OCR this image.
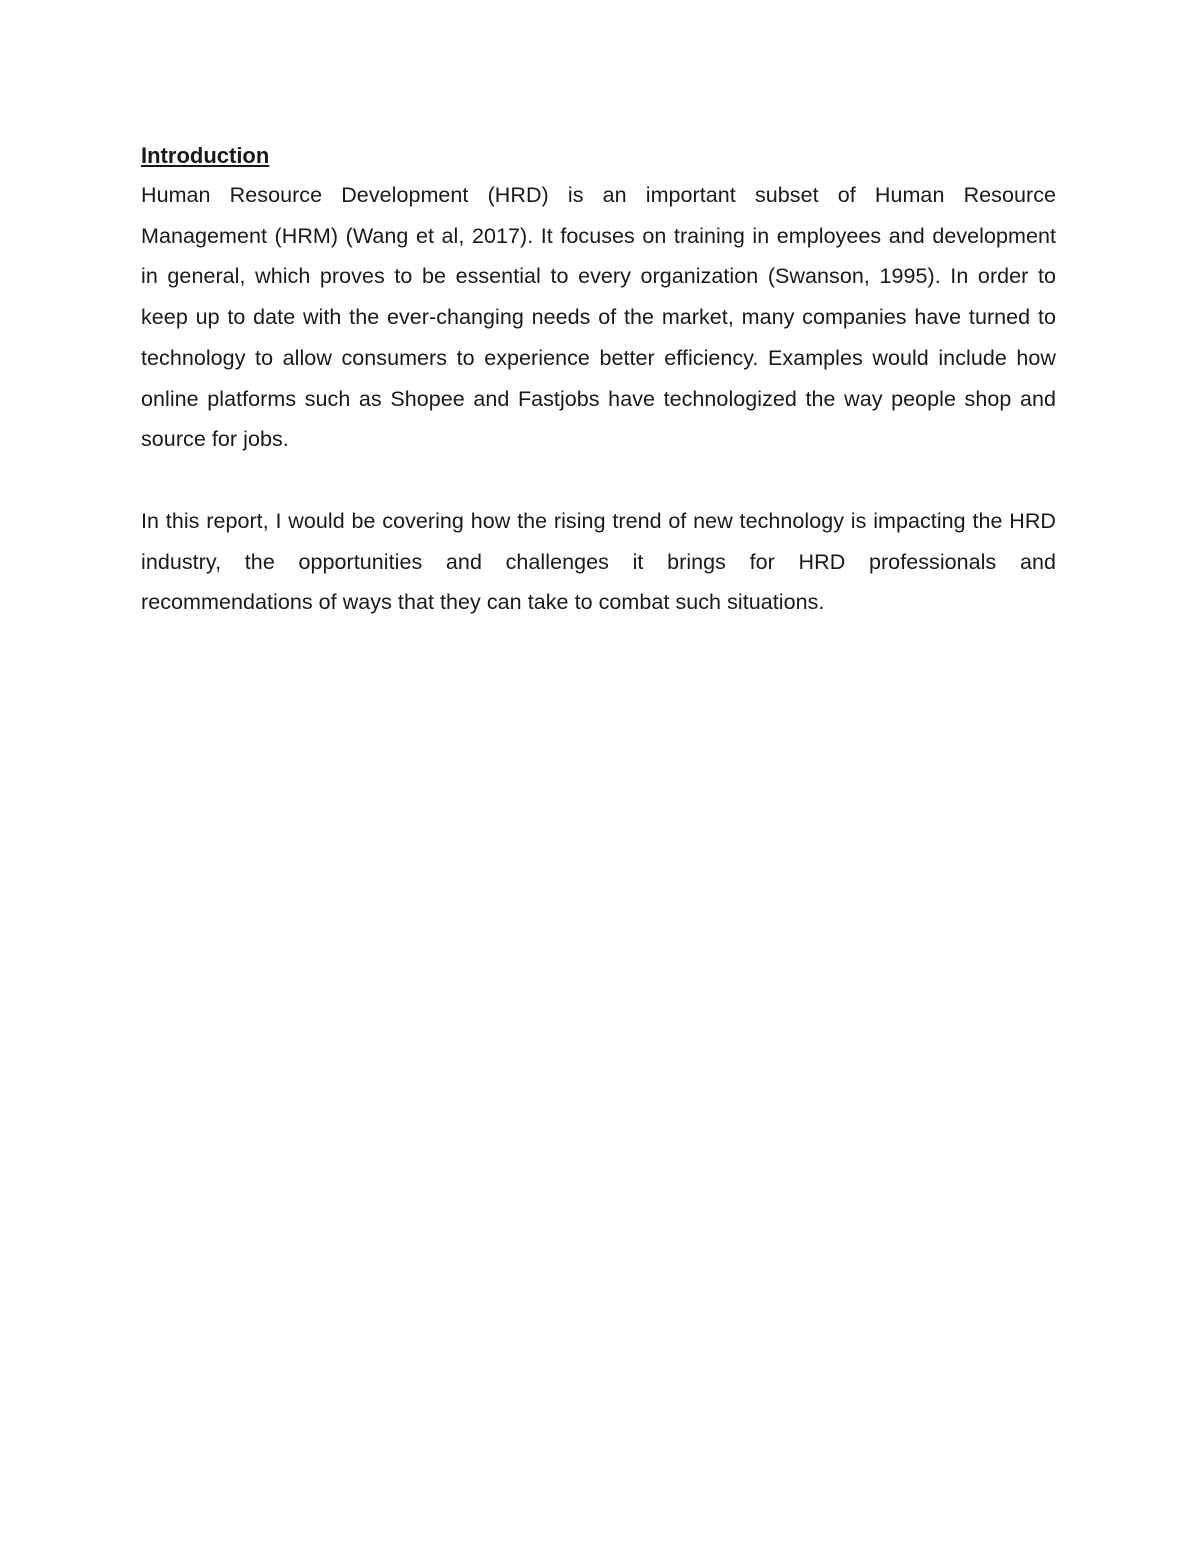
Introduction

Human Resource Development (HRD) is an important subset of Human Resource Management (HRM) (Wang et al, 2017). It focuses on training in employees and development in general, which proves to be essential to every organization (Swanson, 1995). In order to keep up to date with the ever-changing needs of the market, many companies have turned to technology to allow consumers to experience better efficiency. Examples would include how online platforms such as Shopee and Fastjobs have technologized the way people shop and source for jobs.

In this report, I would be covering how the rising trend of new technology is impacting the HRD industry, the opportunities and challenges it brings for HRD professionals and recommendations of ways that they can take to combat such situations.
